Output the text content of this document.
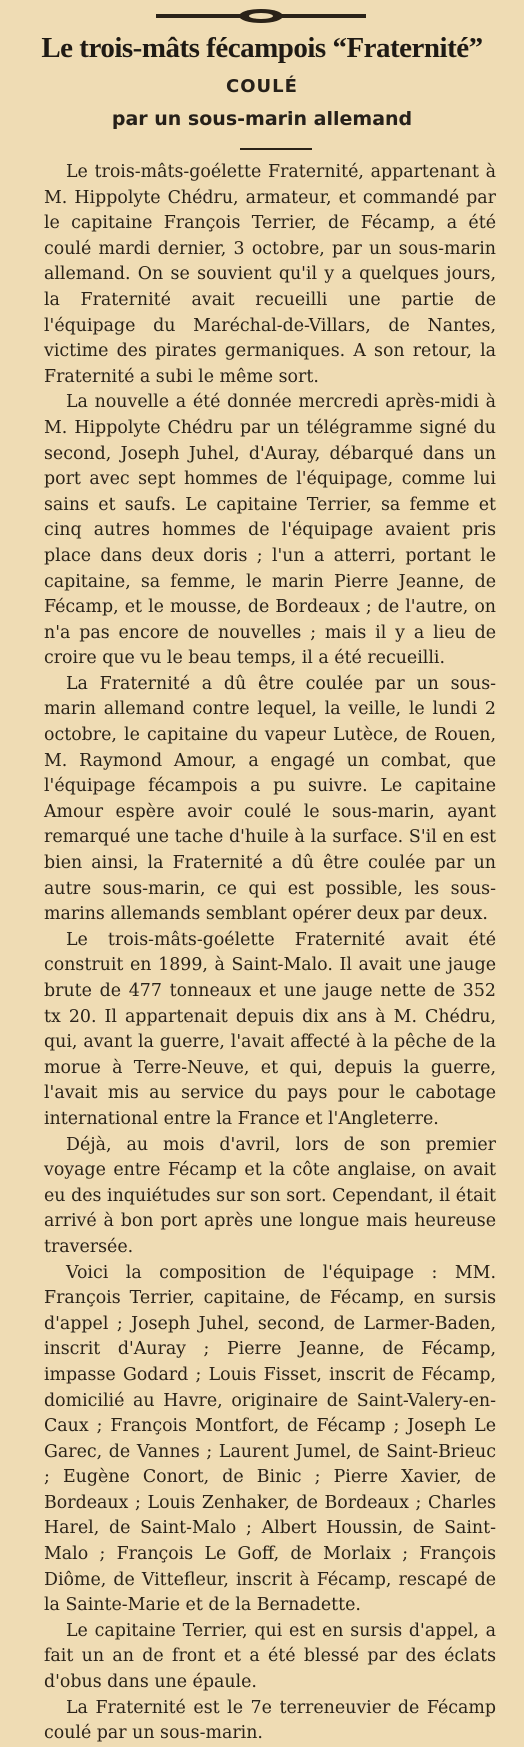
Le trois-mâts fécampois “Fraternité”
COULÉ
par un sous-marin allemand

Le trois-mâts-goélette Fraternité, appartenant à M. Hippolyte Chédru, armateur, et commandé par le capitaine François Terrier, de Fécamp, a été coulé mardi dernier, 3 octobre, par un sous-marin allemand. On se souvient qu'il y a quelques jours, la Fraternité avait recueilli une partie de l'équipage du Maréchal-de-Villars, de Nantes, victime des pirates germaniques. A son retour, la Fraternité a subi le même sort.

La nouvelle a été donnée mercredi après-midi à M. Hippolyte Chédru par un télégramme signé du second, Joseph Juhel, d'Auray, débarqué dans un port avec sept hommes de l'équipage, comme lui sains et saufs. Le capitaine Terrier, sa femme et cinq autres hommes de l'équipage avaient pris place dans deux doris ; l'un a atterri, portant le capitaine, sa femme, le marin Pierre Jeanne, de Fécamp, et le mousse, de Bordeaux ; de l'autre, on n'a pas encore de nouvelles ; mais il y a lieu de croire que vu le beau temps, il a été recueilli.

La Fraternité a dû être coulée par un sous-marin allemand contre lequel, la veille, le lundi 2 octobre, le capitaine du vapeur Lutèce, de Rouen, M. Raymond Amour, a engagé un combat, que l'équipage fécampois a pu suivre. Le capitaine Amour espère avoir coulé le sous-marin, ayant remarqué une tache d'huile à la surface. S'il en est bien ainsi, la Fraternité a dû être coulée par un autre sous-marin, ce qui est possible, les sous-marins allemands semblant opérer deux par deux.

Le trois-mâts-goélette Fraternité avait été construit en 1899, à Saint-Malo. Il avait une jauge brute de 477 tonneaux et une jauge nette de 352 tx 20. Il appartenait depuis dix ans à M. Chédru, qui, avant la guerre, l'avait affecté à la pêche de la morue à Terre-Neuve, et qui, depuis la guerre, l'avait mis au service du pays pour le cabotage international entre la France et l'Angleterre.

Déjà, au mois d'avril, lors de son premier voyage entre Fécamp et la côte anglaise, on avait eu des inquiétudes sur son sort. Cependant, il était arrivé à bon port après une longue mais heureuse traversée.

Voici la composition de l'équipage : MM. François Terrier, capitaine, de Fécamp, en sursis d'appel ; Joseph Juhel, second, de Larmer-Baden, inscrit d'Auray ; Pierre Jeanne, de Fécamp, impasse Godard ; Louis Fisset, inscrit de Fécamp, domicilié au Havre, originaire de Saint-Valery-en-Caux ; François Montfort, de Fécamp ; Joseph Le Garec, de Vannes ; Laurent Jumel, de Saint-Brieuc ; Eugène Conort, de Binic ; Pierre Xavier, de Bordeaux ; Louis Zenhaker, de Bordeaux ; Charles Harel, de Saint-Malo ; Albert Houssin, de Saint-Malo ; François Le Goff, de Morlaix ; François Diôme, de Vittefleur, inscrit à Fécamp, rescapé de la Sainte-Marie et de la Bernadette.

Le capitaine Terrier, qui est en sursis d'appel, a fait un an de front et a été blessé par des éclats d'obus dans une épaule.

La Fraternité est le 7e terreneuvier de Fécamp coulé par un sous-marin.
